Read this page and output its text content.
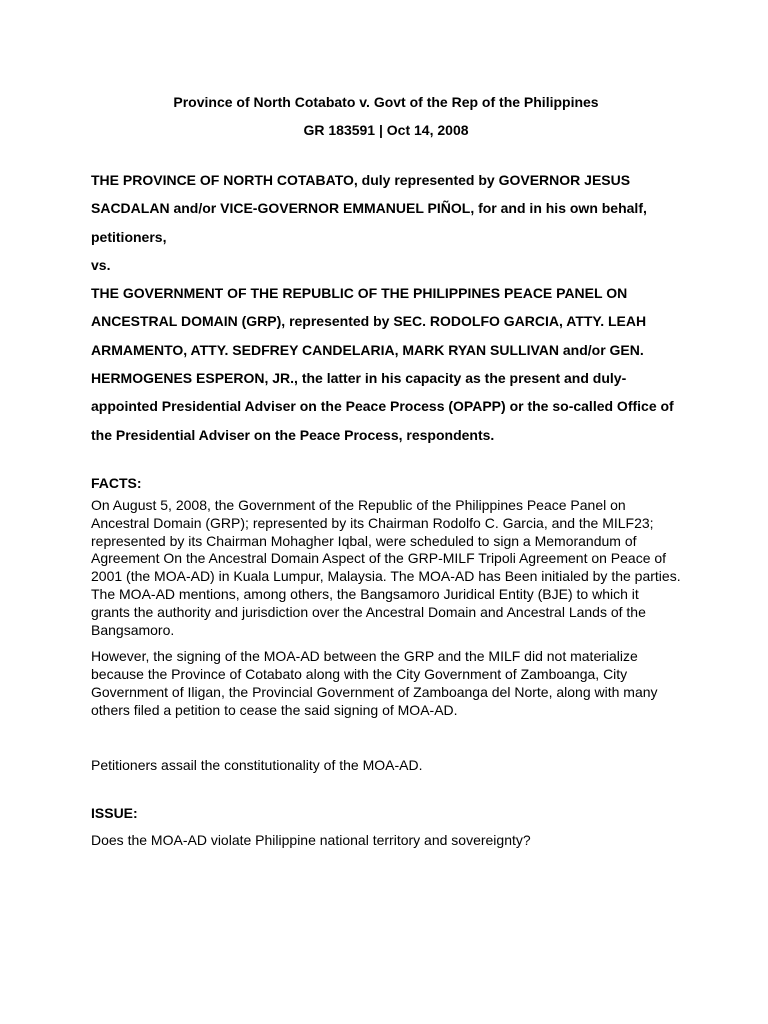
Province of North Cotabato v. Govt of the Rep of the Philippines

GR 183591 | Oct 14, 2008

THE PROVINCE OF NORTH COTABATO, duly represented by GOVERNOR JESUS SACDALAN and/or VICE-GOVERNOR EMMANUEL PIÑOL, for and in his own behalf, petitioners,

vs.

THE GOVERNMENT OF THE REPUBLIC OF THE PHILIPPINES PEACE PANEL ON ANCESTRAL DOMAIN (GRP), represented by SEC. RODOLFO GARCIA, ATTY. LEAH ARMAMENTO, ATTY. SEDFREY CANDELARIA, MARK RYAN SULLIVAN and/or GEN. HERMOGENES ESPERON, JR., the latter in his capacity as the present and duly-appointed Presidential Adviser on the Peace Process (OPAPP) or the so-called Office of the Presidential Adviser on the Peace Process, respondents.

FACTS:

On August 5, 2008, the Government of the Republic of the Philippines Peace Panel on Ancestral Domain (GRP); represented by its Chairman Rodolfo C. Garcia, and the MILF23; represented by its Chairman Mohagher Iqbal, were scheduled to sign a Memorandum of Agreement On the Ancestral Domain Aspect of the GRP-MILF Tripoli Agreement on Peace of 2001 (the MOA-AD) in Kuala Lumpur, Malaysia. The MOA-AD has Been initialed by the parties. The MOA-AD mentions, among others, the Bangsamoro Juridical Entity (BJE) to which it grants the authority and jurisdiction over the Ancestral Domain and Ancestral Lands of the Bangsamoro.

However, the signing of the MOA-AD between the GRP and the MILF did not materialize because the Province of Cotabato along with the City Government of Zamboanga, City Government of Iligan, the Provincial Government of Zamboanga del Norte, along with many others filed a petition to cease the said signing of MOA-AD.

Petitioners assail the constitutionality of the MOA-AD.

ISSUE:

Does the MOA-AD violate Philippine national territory and sovereignty?
